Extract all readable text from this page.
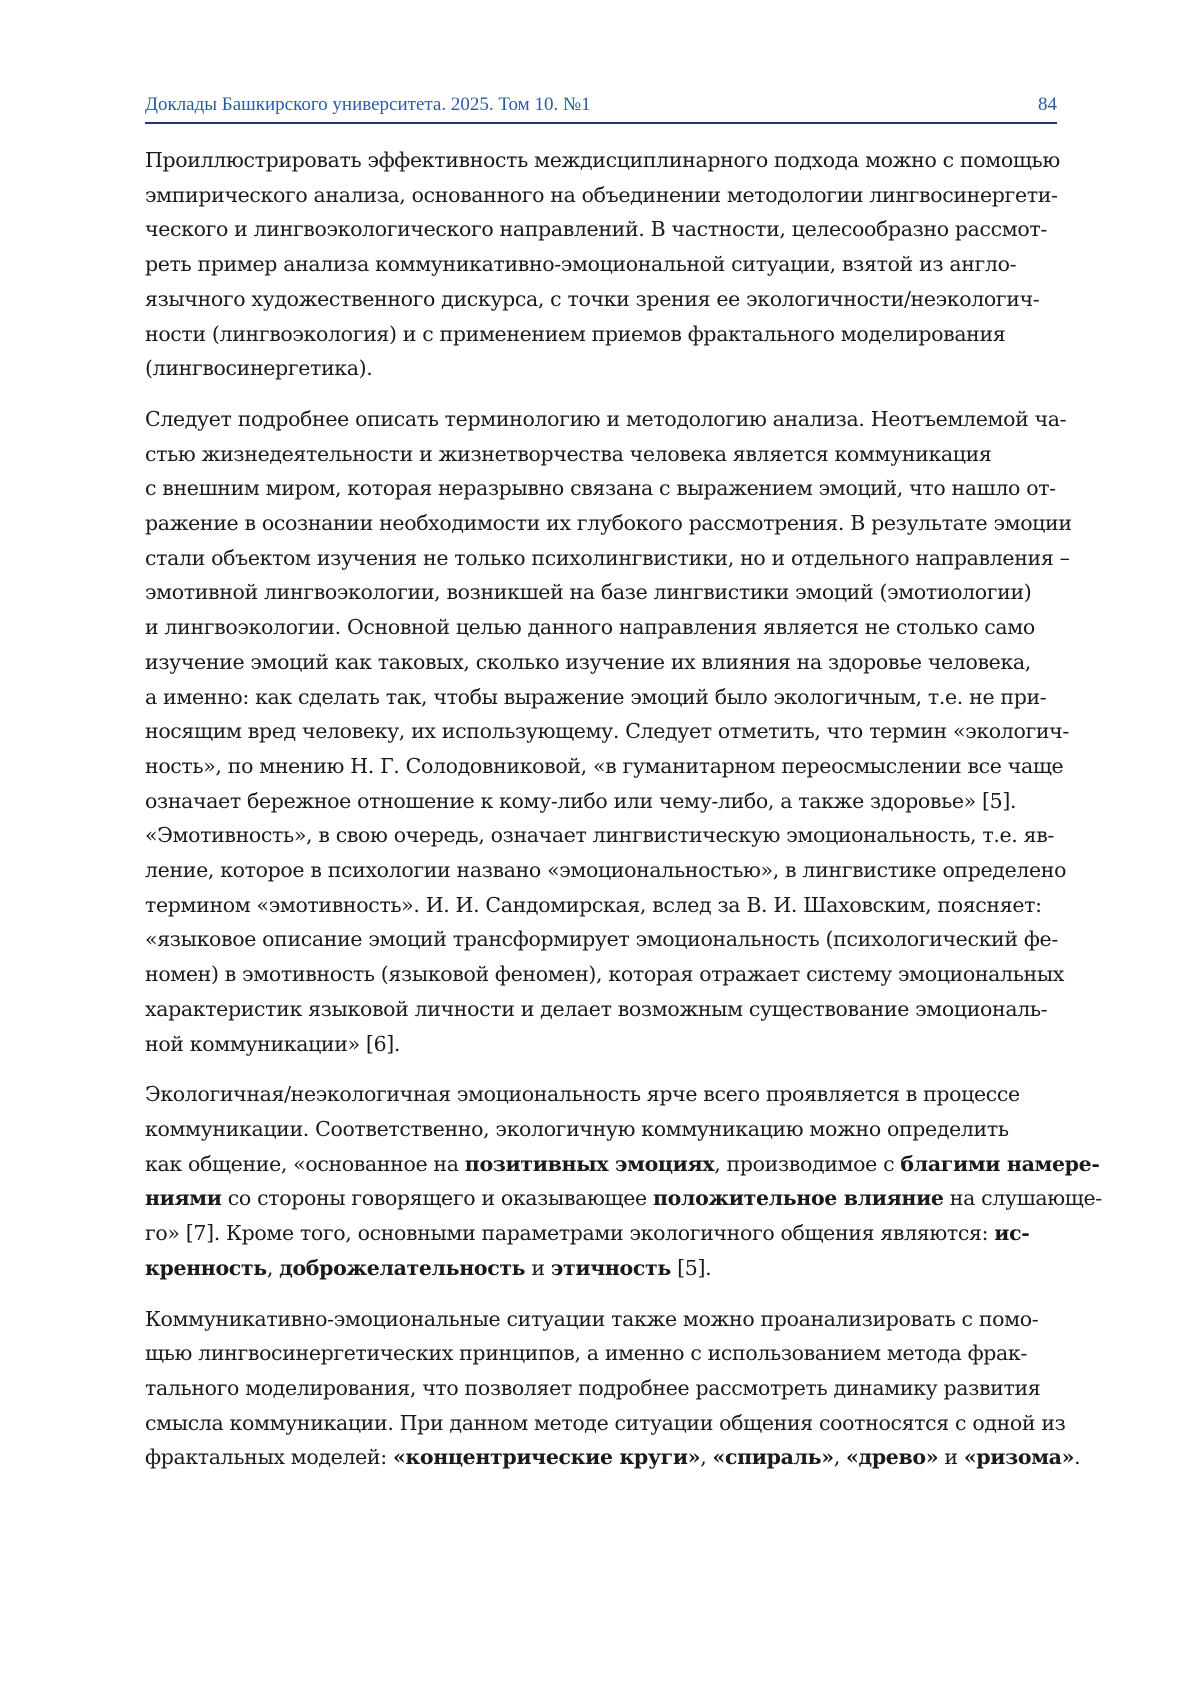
Доклады Башкирского университета. 2025. Том 10. №1	84
Проиллюстрировать эффективность междисциплинарного подхода можно с помощью
эмпирического анализа, основанного на объединении методологии лингвосинергети-
ческого и лингвоэкологического направлений. В частности, целесообразно рассмот-
реть пример анализа коммуникативно-эмоциональной ситуации, взятой из англо-
язычного художественного дискурса, с точки зрения ее экологичности/неэкологич-
ности (лингвоэкология) и с применением приемов фрактального моделирования
(лингвосинергетика).
Следует подробнее описать терминологию и методологию анализа. Неотъемлемой ча-
стью жизнедеятельности и жизнетворчества человека является коммуникация
с внешним миром, которая неразрывно связана с выражением эмоций, что нашло от-
ражение в осознании необходимости их глубокого рассмотрения. В результате эмоции
стали объектом изучения не только психолингвистики, но и отдельного направления –
эмотивной лингвоэкологии, возникшей на базе лингвистики эмоций (эмотиологии)
и лингвоэкологии. Основной целью данного направления является не столько само
изучение эмоций как таковых, сколько изучение их влияния на здоровье человека,
а именно: как сделать так, чтобы выражение эмоций было экологичным, т.е. не при-
носящим вред человеку, их использующему. Следует отметить, что термин «экологич-
ность», по мнению Н. Г. Солодовниковой, «в гуманитарном переосмыслении все чаще
означает бережное отношение к кому-либо или чему-либо, а также здоровье» [5].
«Эмотивность», в свою очередь, означает лингвистическую эмоциональность, т.е. яв-
ление, которое в психологии названо «эмоциональностью», в лингвистике определено
термином «эмотивность». И. И. Сандомирская, вслед за В. И. Шаховским, поясняет:
«языковое описание эмоций трансформирует эмоциональность (психологический фе-
номен) в эмотивность (языковой феномен), которая отражает систему эмоциональных
характеристик языковой личности и делает возможным существование эмоциональ-
ной коммуникации» [6].
Экологичная/неэкологичная эмоциональность ярче всего проявляется в процессе
коммуникации. Соответственно, экологичную коммуникацию можно определить
как общение, «основанное на позитивных эмоциях, производимое с благими намере-
ниями со стороны говорящего и оказывающее положительное влияние на слушающе-
го» [7]. Кроме того, основными параметрами экологичного общения являются: ис-
кренность, доброжелательность и этичность [5].
Коммуникативно-эмоциональные ситуации также можно проанализировать с помо-
щью лингвосинергетических принципов, а именно с использованием метода фрак-
тального моделирования, что позволяет подробнее рассмотреть динамику развития
смысла коммуникации. При данном методе ситуации общения соотносятся с одной из
фрактальных моделей: «концентрические круги», «спираль», «древо» и «ризома».
